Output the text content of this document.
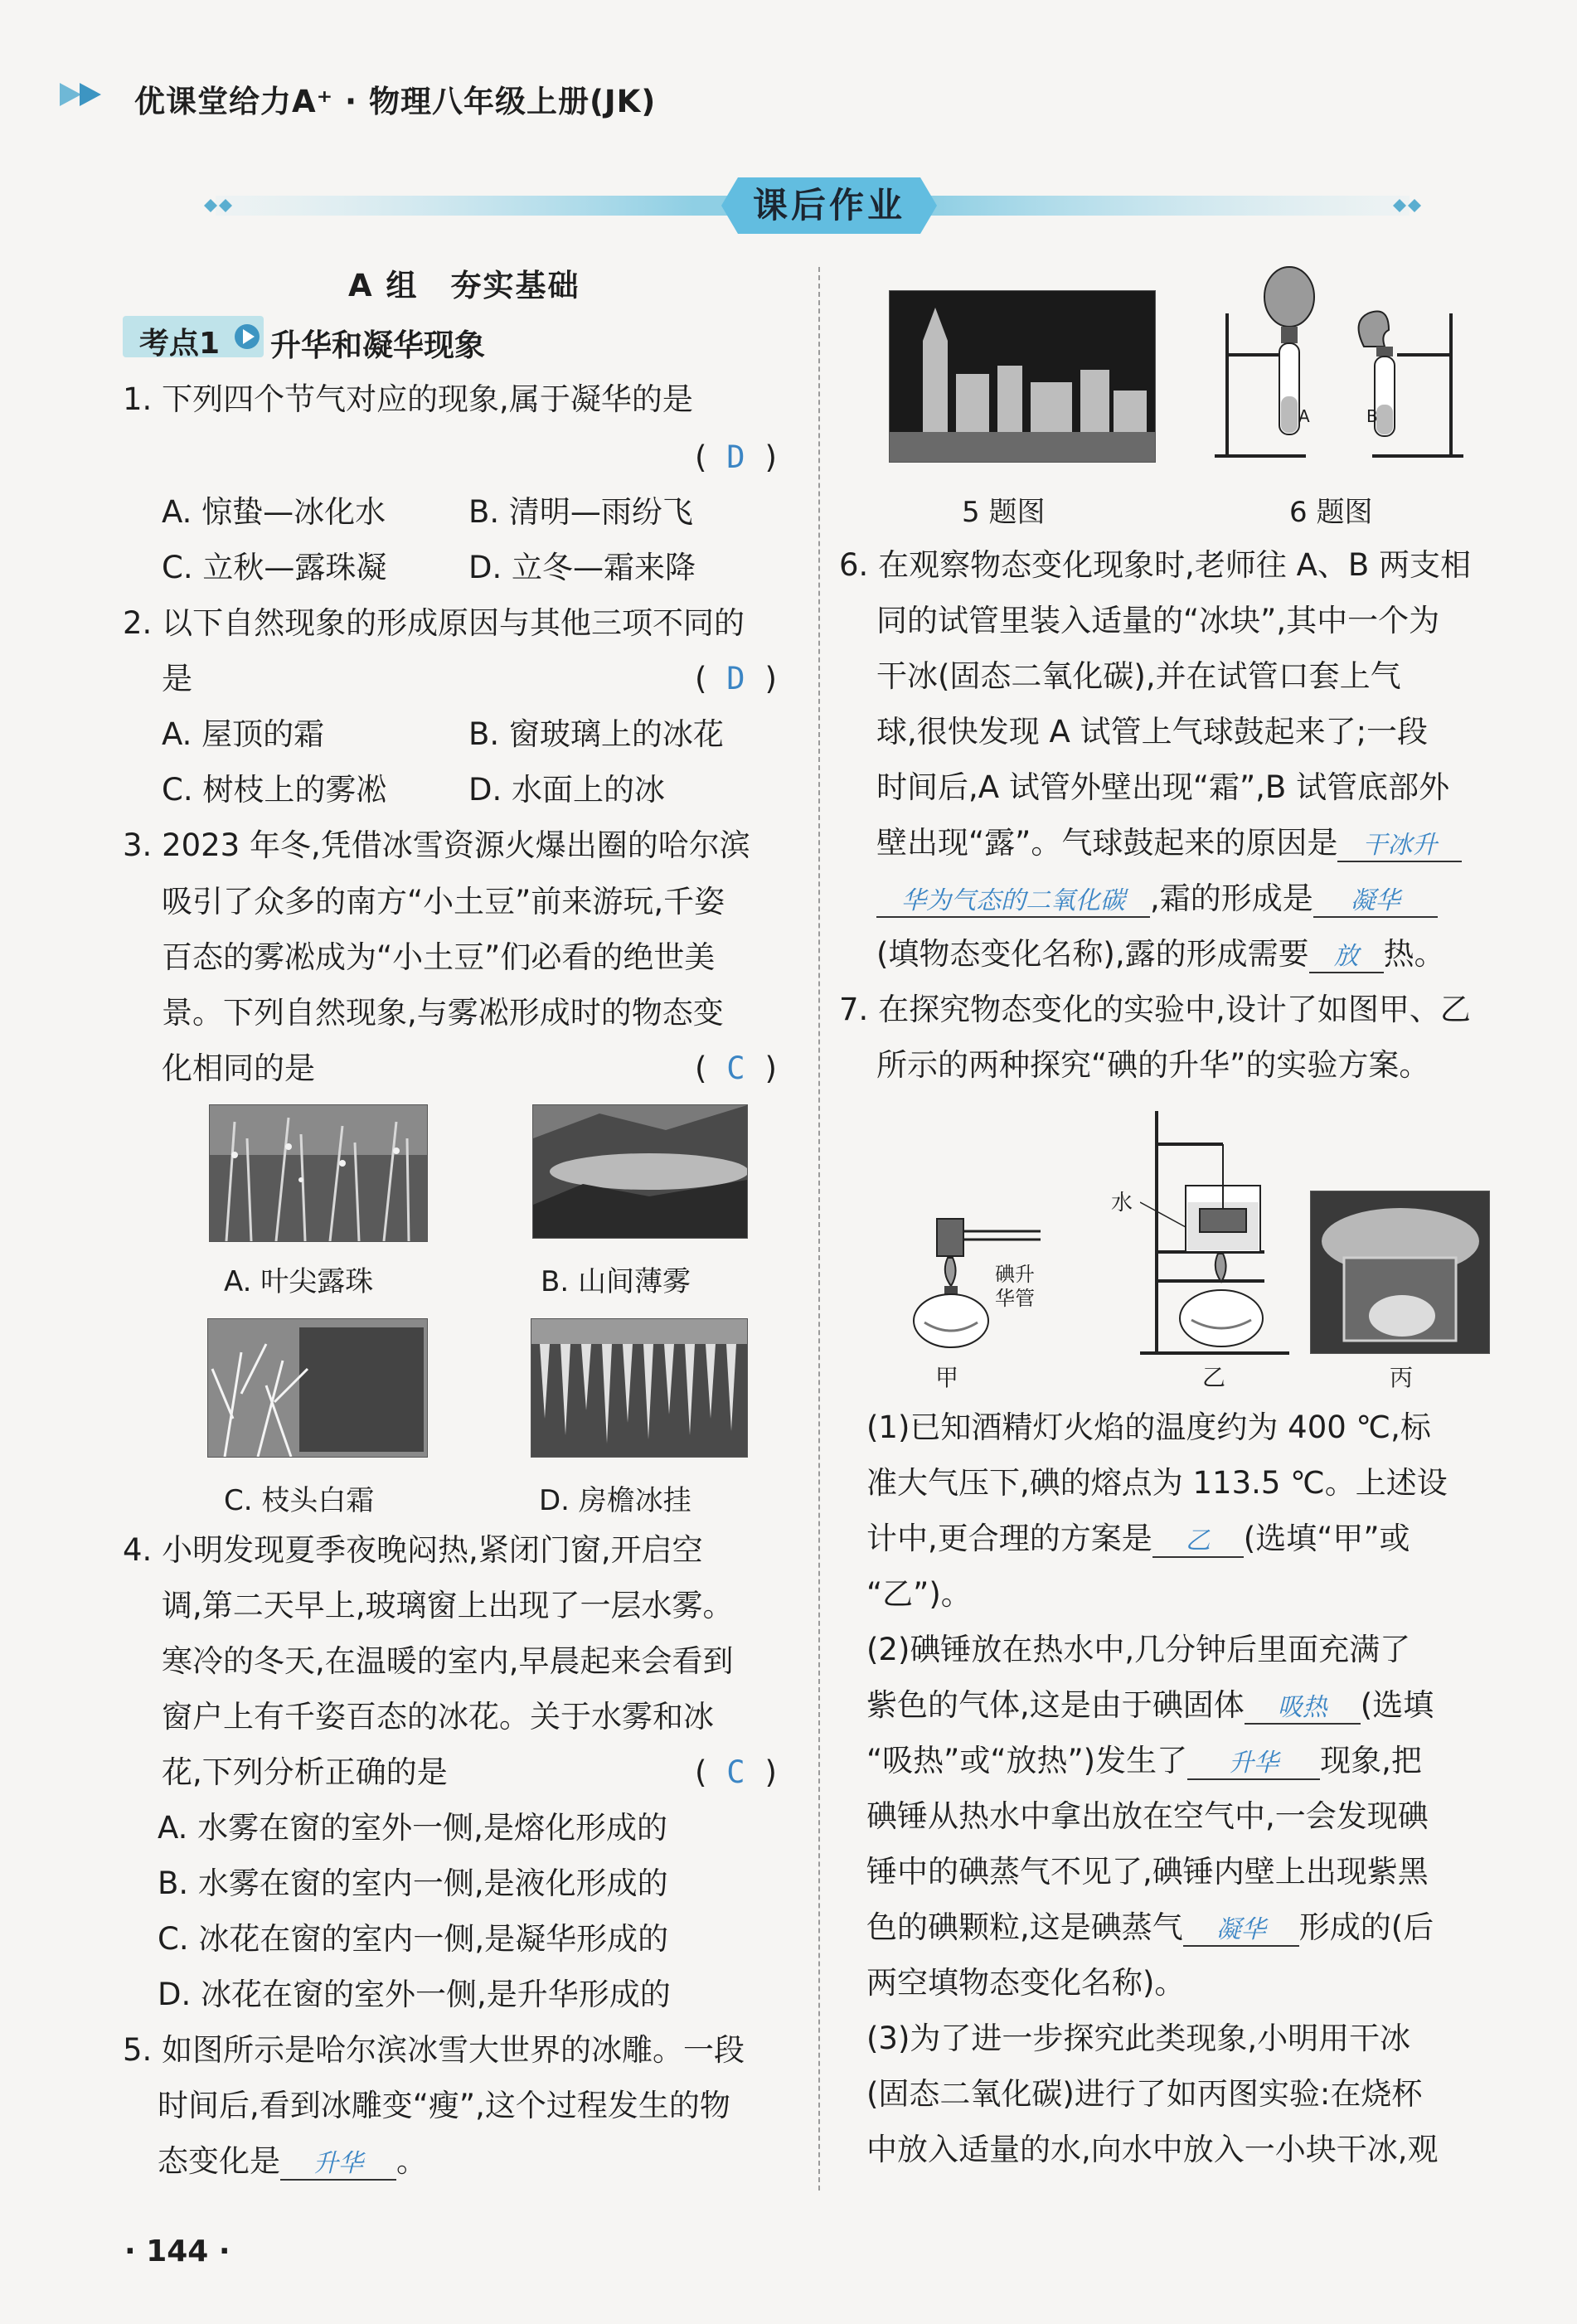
优课堂给力A⁺ · 物理八年级上册(JK)
课后作业
A 组　夯实基础
考点1 升华和凝华现象
1. 下列四个节气对应的现象,属于凝华的是
( D )
A. 惊蛰—冰化水	B. 清明—雨纷飞
C. 立秋—露珠凝	D. 立冬—霜来降
2. 以下自然现象的形成原因与其他三项不同的
是	( D )
A. 屋顶的霜	B. 窗玻璃上的冰花
C. 树枝上的雾凇	D. 水面上的冰
3. 2023 年冬,凭借冰雪资源火爆出圈的哈尔滨
吸引了众多的南方“小土豆”前来游玩,千姿
百态的雾凇成为“小土豆”们必看的绝世美
景。下列自然现象,与雾凇形成时的物态变
化相同的是	( C )
A. 叶尖露珠	B. 山间薄雾
C. 枝头白霜	D. 房檐冰挂
4. 小明发现夏季夜晚闷热,紧闭门窗,开启空
调,第二天早上,玻璃窗上出现了一层水雾。
寒冷的冬天,在温暖的室内,早晨起来会看到
窗户上有千姿百态的冰花。关于水雾和冰
花,下列分析正确的是	( C )
A. 水雾在窗的室外一侧,是熔化形成的
B. 水雾在窗的室内一侧,是液化形成的
C. 冰花在窗的室内一侧,是凝华形成的
D. 冰花在窗的室外一侧,是升华形成的
5. 如图所示是哈尔滨冰雪大世界的冰雕。一段
时间后,看到冰雕变“瘦”,这个过程发生的物
态变化是 升华 。
· 144 ·
5 题图
A	B
6 题图
6. 在观察物态变化现象时,老师往 A、B 两支相
同的试管里装入适量的“冰块”,其中一个为
干冰(固态二氧化碳),并在试管口套上气
球,很快发现 A 试管上气球鼓起来了;一段
时间后,A 试管外壁出现“霜”,B 试管底部外
壁出现“露”。气球鼓起来的原因是 干冰升
华为气态的二氧化碳 ,霜的形成是 凝华
(填物态变化名称),露的形成需要 放 热。
7. 在探究物态变化的实验中,设计了如图甲、乙
所示的两种探究“碘的升华”的实验方案。
碘升
华管
甲
水
乙	丙
(1)已知酒精灯火焰的温度约为 400 ℃,标
准大气压下,碘的熔点为 113.5 ℃。上述设
计中,更合理的方案是 乙 (选填“甲”或
“乙”)。
(2)碘锤放在热水中,几分钟后里面充满了
紫色的气体,这是由于碘固体 吸热 (选填
“吸热”或“放热”)发生了 升华 现象,把
碘锤从热水中拿出放在空气中,一会发现碘
锤中的碘蒸气不见了,碘锤内壁上出现紫黑
色的碘颗粒,这是碘蒸气 凝华 形成的(后
两空填物态变化名称)。
(3)为了进一步探究此类现象,小明用干冰
(固态二氧化碳)进行了如丙图实验:在烧杯
中放入适量的水,向水中放入一小块干冰,观
